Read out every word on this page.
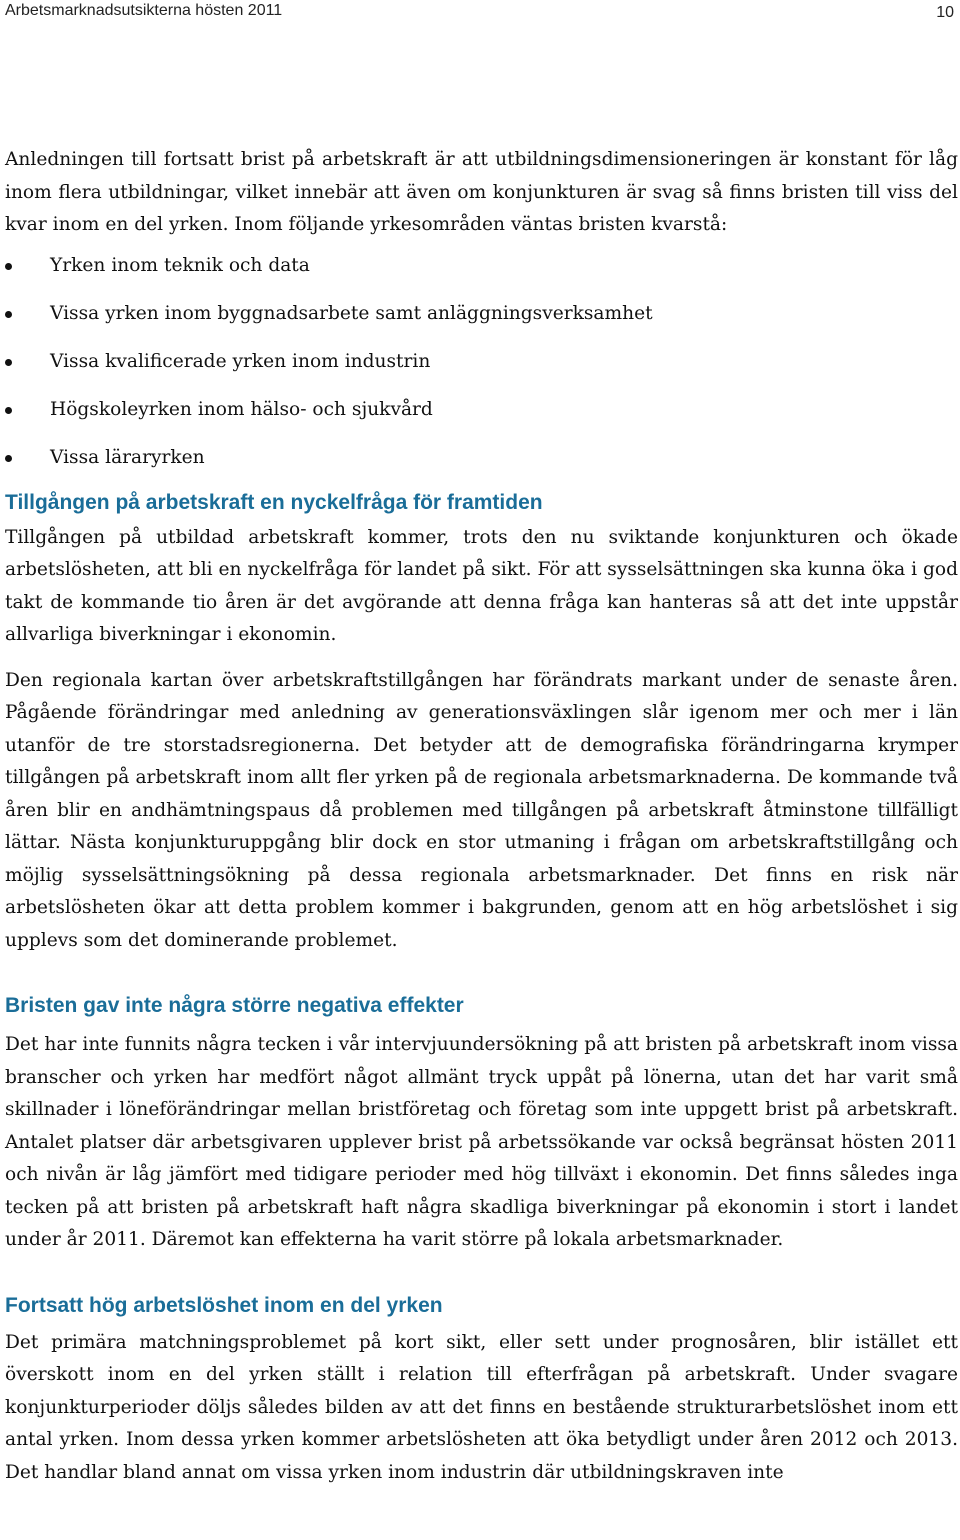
Arbetsmarknadsutsikterna hösten 2011	10

Anledningen till fortsatt brist på arbetskraft är att utbildningsdimensioneringen är konstant för låg inom flera utbildningar, vilket innebär att även om konjunkturen är svag så finns bristen till viss del kvar inom en del yrken. Inom följande yrkesområden väntas bristen kvarstå:

Yrken inom teknik och data
Vissa yrken inom byggnadsarbete samt anläggningsverksamhet
Vissa kvalificerade yrken inom industrin
Högskoleyrken inom hälso- och sjukvård
Vissa läraryrken
Tillgången på arbetskraft en nyckelfråga för framtiden

Tillgången på utbildad arbetskraft kommer, trots den nu sviktande konjunkturen och ökade arbetslösheten, att bli en nyckelfråga för landet på sikt. För att sysselsättningen ska kunna öka i god takt de kommande tio åren är det avgörande att denna fråga kan hanteras så att det inte uppstår allvarliga biverkningar i ekonomin.

Den regionala kartan över arbetskraftstillgången har förändrats markant under de senaste åren. Pågående förändringar med anledning av generationsväxlingen slår igenom mer och mer i län utanför de tre storstadsregionerna. Det betyder att de demografiska förändringarna krymper tillgången på arbetskraft inom allt fler yrken på de regionala arbetsmarknaderna. De kommande två åren blir en andhämtningspaus då problemen med tillgången på arbetskraft åtminstone tillfälligt lättar. Nästa konjunkturuppgång blir dock en stor utmaning i frågan om arbetskraftstillgång och möjlig sysselsättningsökning på dessa regionala arbetsmarknader. Det finns en risk när arbetslösheten ökar att detta problem kommer i bakgrunden, genom att en hög arbetslöshet i sig upplevs som det dominerande problemet.

Bristen gav inte några större negativa effekter

Det har inte funnits några tecken i vår intervjuundersökning på att bristen på arbetskraft inom vissa branscher och yrken har medfört något allmänt tryck uppåt på lönerna, utan det har varit små skillnader i löneförändringar mellan bristföretag och företag som inte uppgett brist på arbetskraft. Antalet platser där arbetsgivaren upplever brist på arbetssökande var också begränsat hösten 2011 och nivån är låg jämfört med tidigare perioder med hög tillväxt i ekonomin. Det finns således inga tecken på att bristen på arbetskraft haft några skadliga biverkningar på ekonomin i stort i landet under år 2011. Däremot kan effekterna ha varit större på lokala arbetsmarknader.

Fortsatt hög arbetslöshet inom en del yrken

Det primära matchningsproblemet på kort sikt, eller sett under prognosåren, blir istället ett överskott inom en del yrken ställt i relation till efterfrågan på arbetskraft. Under svagare konjunkturperioder döljs således bilden av att det finns en bestående strukturarbetslöshet inom ett antal yrken. Inom dessa yrken kommer arbetslösheten att öka betydligt under åren 2012 och 2013. Det handlar bland annat om vissa yrken inom industrin där utbildningskraven inte
